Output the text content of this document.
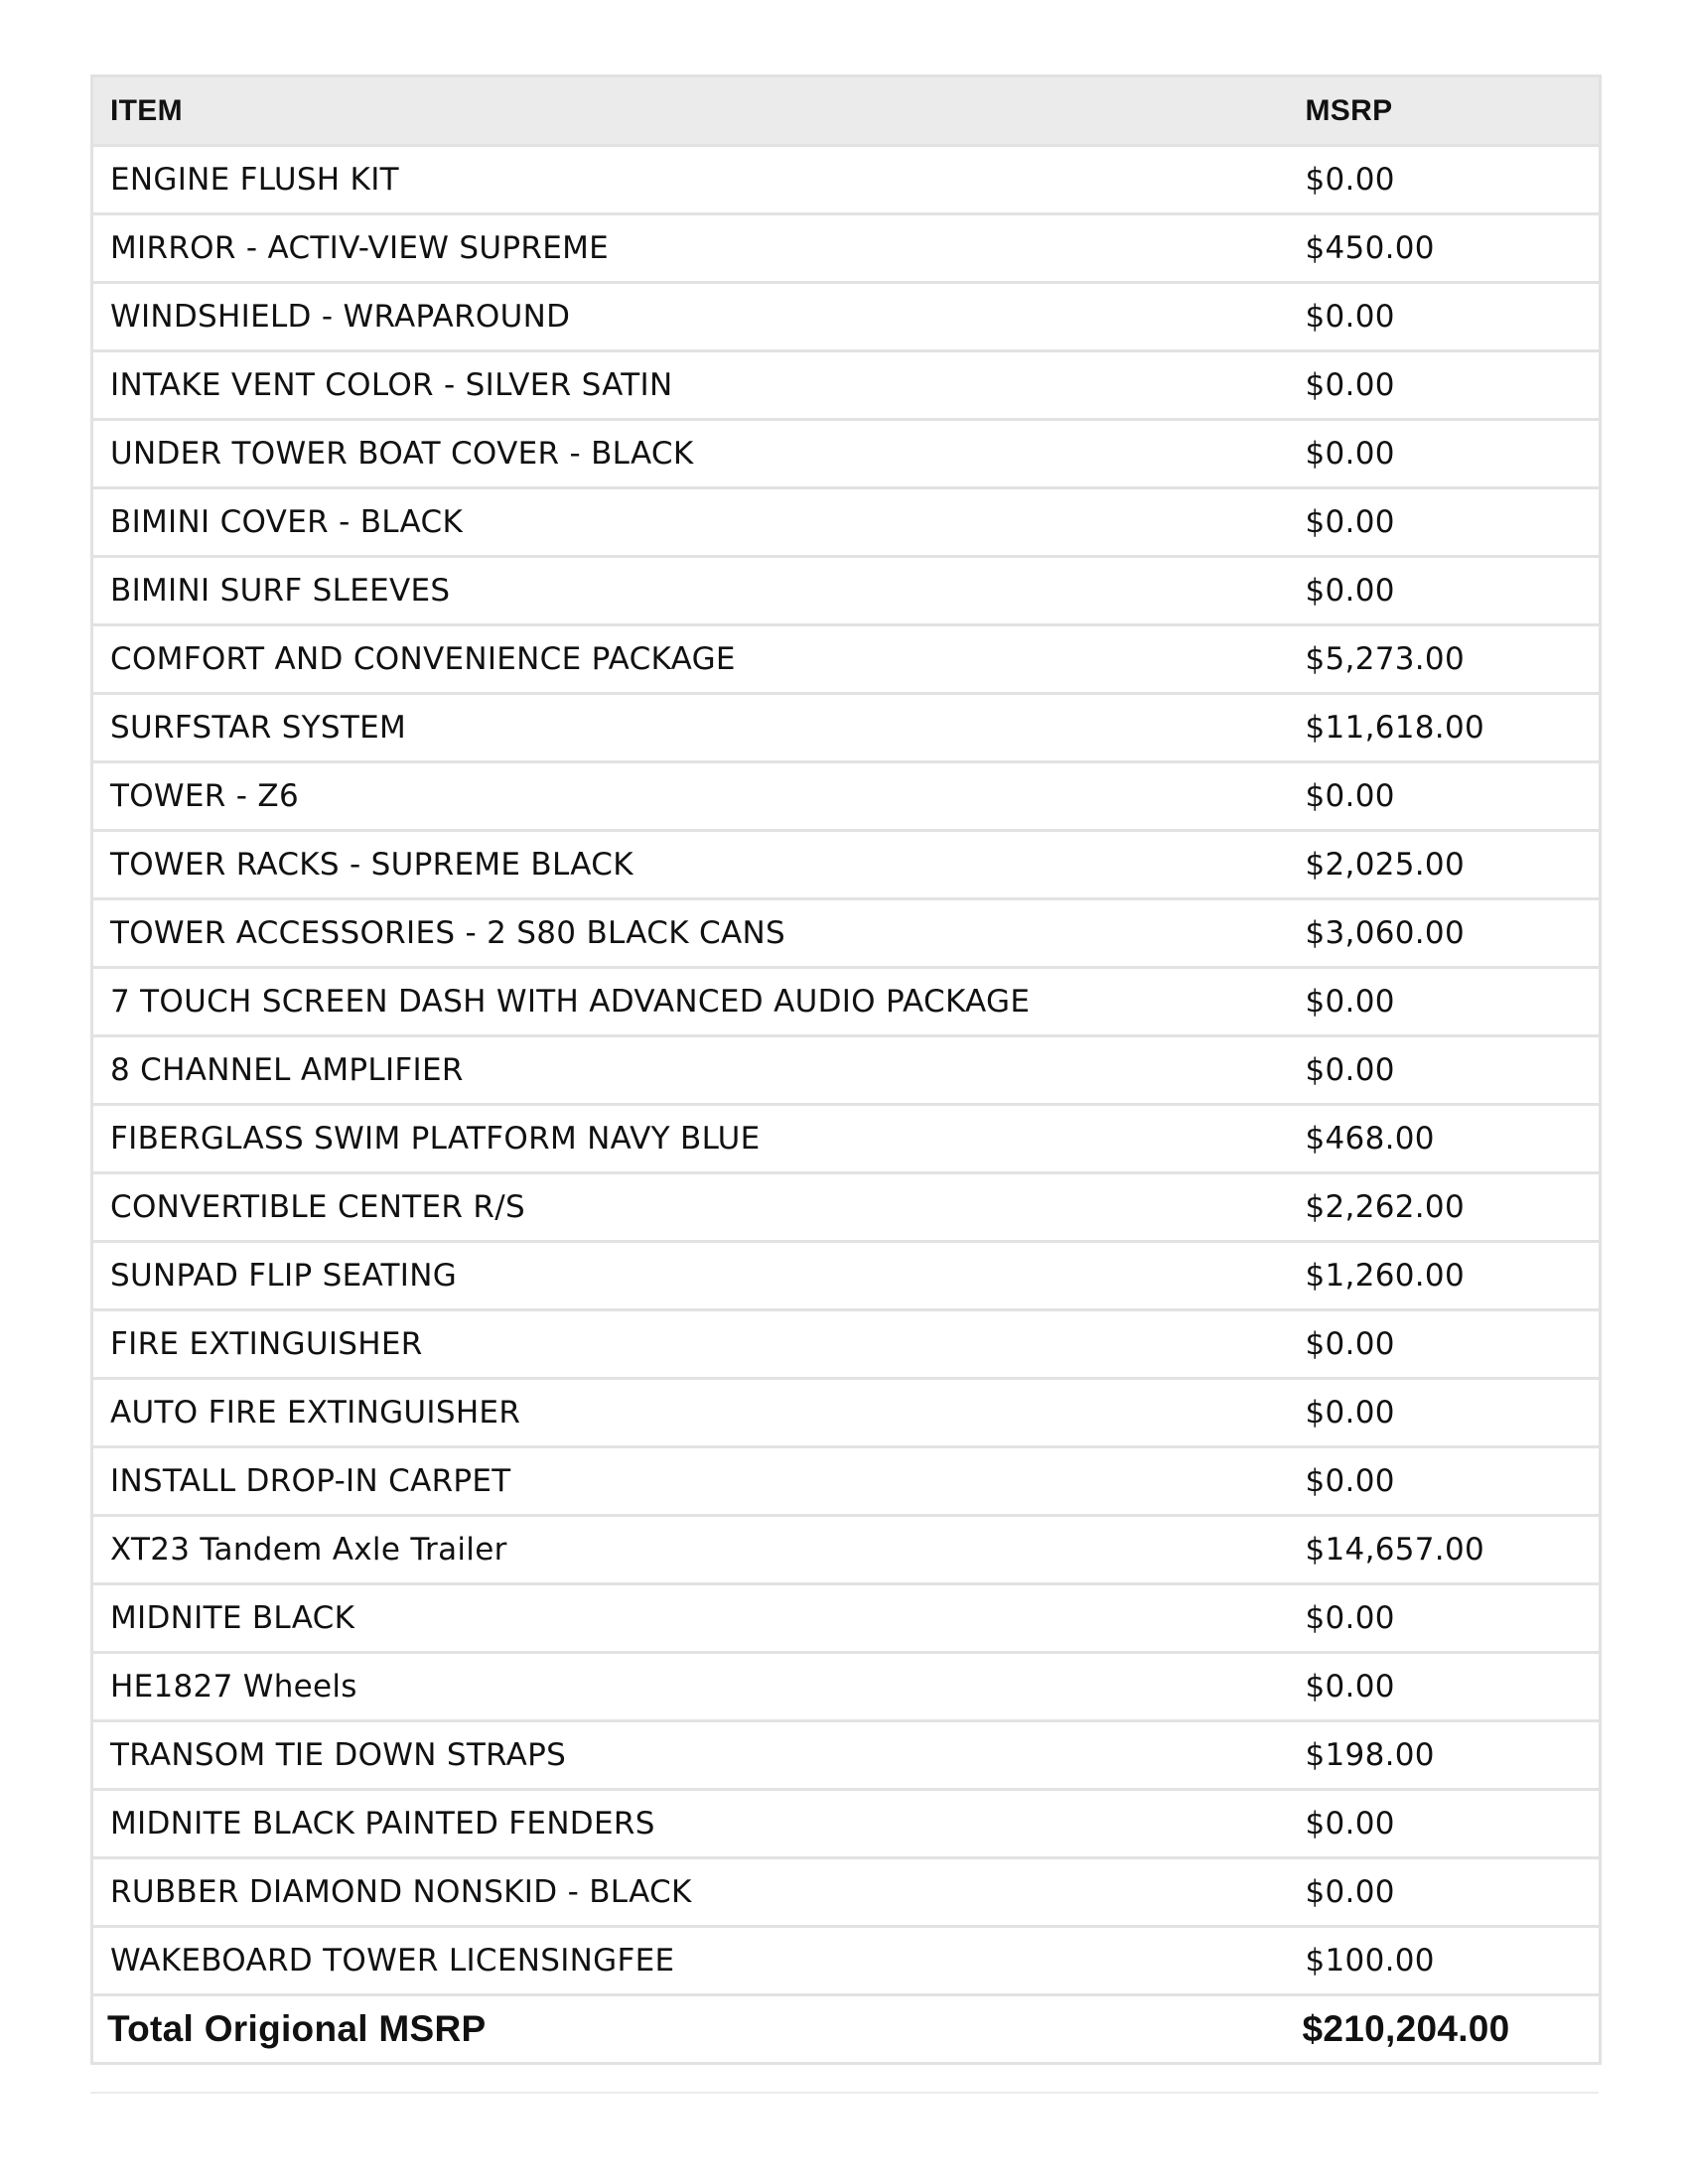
ITEM	MSRP
ENGINE FLUSH KIT	$0.00
MIRROR - ACTIV-VIEW SUPREME	$450.00
WINDSHIELD - WRAPAROUND	$0.00
INTAKE VENT COLOR - SILVER SATIN	$0.00
UNDER TOWER BOAT COVER - BLACK	$0.00
BIMINI COVER - BLACK	$0.00
BIMINI SURF SLEEVES	$0.00
COMFORT AND CONVENIENCE PACKAGE	$5,273.00
SURFSTAR SYSTEM	$11,618.00
TOWER - Z6	$0.00
TOWER RACKS - SUPREME BLACK	$2,025.00
TOWER ACCESSORIES - 2 S80 BLACK CANS	$3,060.00
7 TOUCH SCREEN DASH WITH ADVANCED AUDIO PACKAGE	$0.00
8 CHANNEL AMPLIFIER	$0.00
FIBERGLASS SWIM PLATFORM NAVY BLUE	$468.00
CONVERTIBLE CENTER R/S	$2,262.00
SUNPAD FLIP SEATING	$1,260.00
FIRE EXTINGUISHER	$0.00
AUTO FIRE EXTINGUISHER	$0.00
INSTALL DROP-IN CARPET	$0.00
XT23 Tandem Axle Trailer	$14,657.00
MIDNITE BLACK	$0.00
HE1827 Wheels	$0.00
TRANSOM TIE DOWN STRAPS	$198.00
MIDNITE BLACK PAINTED FENDERS	$0.00
RUBBER DIAMOND NONSKID - BLACK	$0.00
WAKEBOARD TOWER LICENSINGFEE	$100.00
Total Origional MSRP	$210,204.00
